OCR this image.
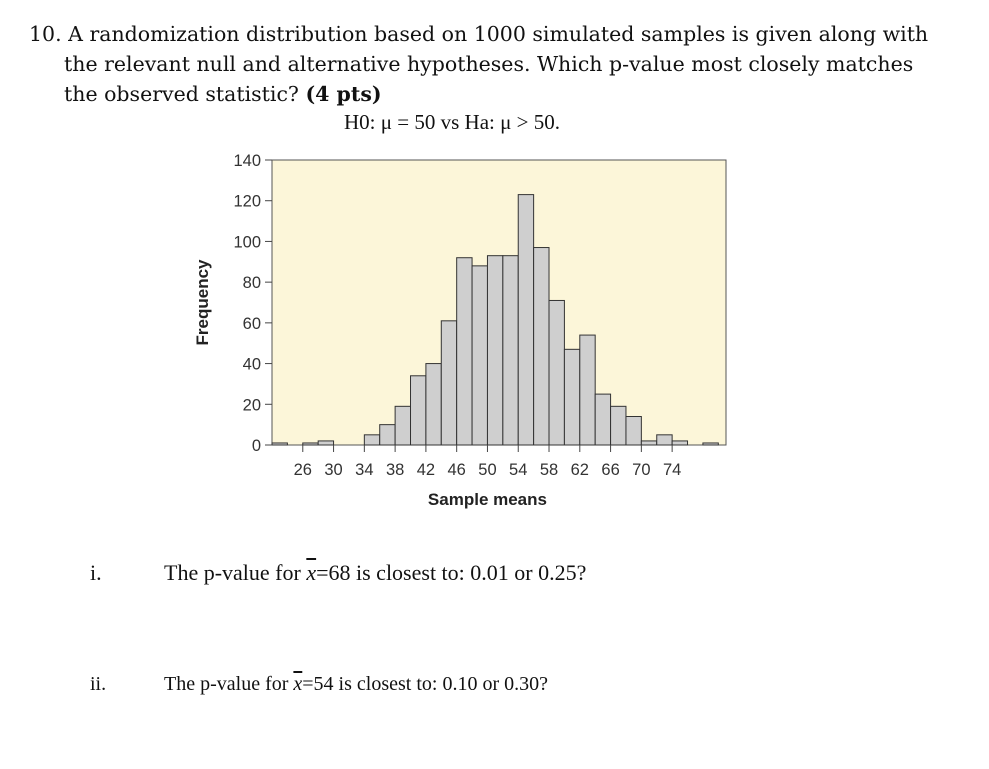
10. A randomization distribution based on 1000 simulated samples is given along with
the relevant null and alternative hypotheses. Which p-value most closely matches
the observed statistic? (4 pts)
H0: μ = 50 vs Ha: μ > 50.
0
20
40
60
80
100
120
140
26 30 34 38 42 46 50 54 58 62 66 70 74
Frequency
Sample means
i.	The p-value for $\overline{x}=68$ is closest to: 0.01 or 0.25?
ii.	The p-value for $\overline{x}=54$ is closest to: 0.10 or 0.30?
